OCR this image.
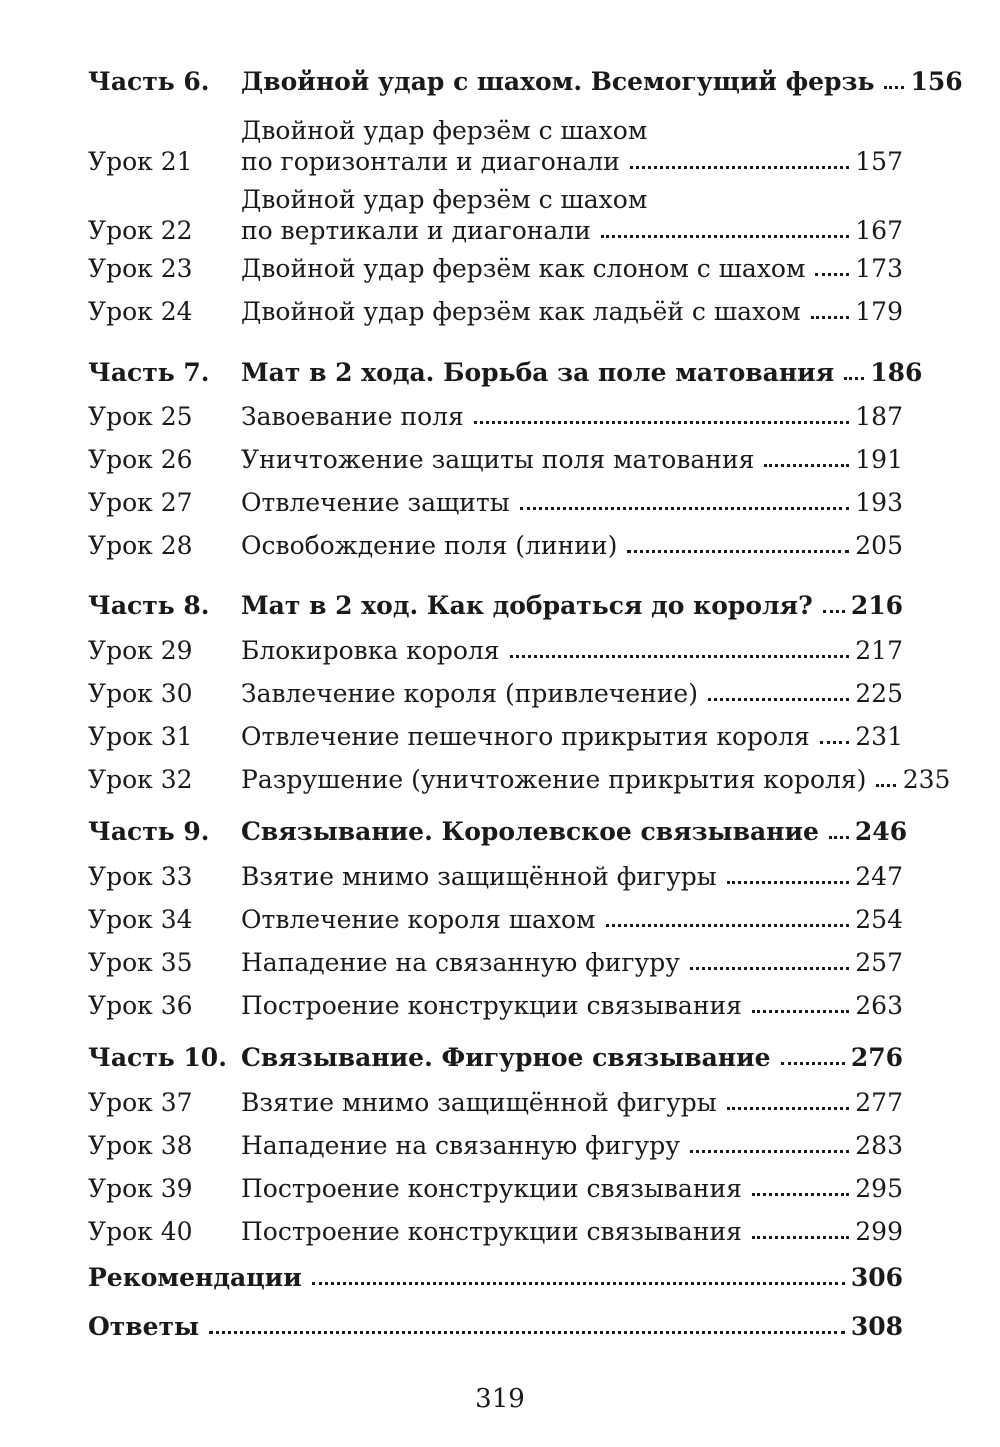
Часть 6.	Двойной удар с шахом. Всемогущий ферзь 156
Урок 21
Двойной удар ферзём с шахом
по горизонтали и диагонали	157
Урок 22
Двойной удар ферзём с шахом
по вертикали и диагонали	167
Урок 23	Двойной удар ферзём как слоном с шахом 173
Урок 24	Двойной удар ферзём как ладьёй с шахом 179
Часть 7.	Мат в 2 хода. Борьба за поле матования 186
Урок 25	Завоевание поля	187
Урок 26	Уничтожение защиты поля матования	191
Урок 27	Отвлечение защиты	193
Урок 28	Освобождение поля (линии)	205
Часть 8.	Мат в 2 ход. Как добраться до короля? 216
Урок 29	Блокировка короля	217
Урок 30	Завлечение короля (привлечение)	225
Урок 31	Отвлечение пешечного прикрытия короля 231
Урок 32	Разрушение (уничтожение прикрытия короля) 235
Часть 9.	Связывание. Королевское связывание 246
Урок 33	Взятие мнимо защищённой фигуры	247
Урок 34	Отвлечение короля шахом	254
Урок 35	Нападение на связанную фигуру	257
Урок 36	Построение конструкции связывания	263
Часть 10. Связывание. Фигурное связывание	276
Урок 37	Взятие мнимо защищённой фигуры	277
Урок 38	Нападение на связанную фигуру	283
Урок 39	Построение конструкции связывания	295
Урок 40	Построение конструкции связывания	299
Рекомендации	306
Ответы	308
319
